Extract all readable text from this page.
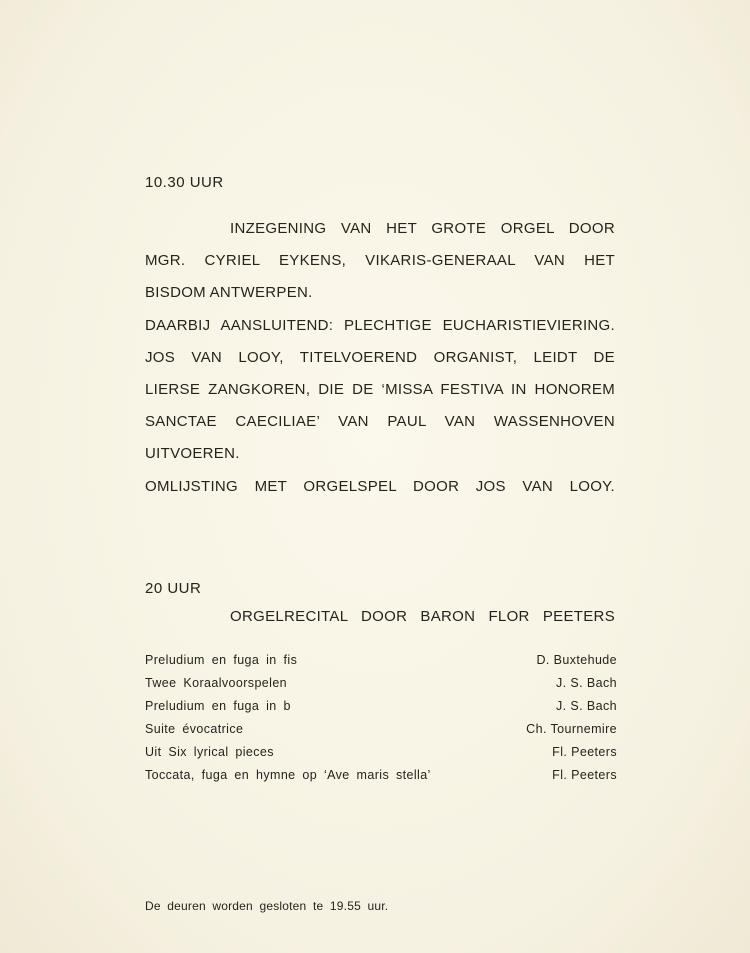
10.30 UUR
INZEGENING VAN HET GROTE ORGEL DOOR
MGR. CYRIEL EYKENS, VIKARIS-GENERAAL VAN HET
BISDOM ANTWERPEN.
DAARBIJ AANSLUITEND: PLECHTIGE EUCHARISTIEVIERING.
JOS VAN LOOY, TITELVOEREND ORGANIST, LEIDT DE
LIERSE ZANGKOREN, DIE DE ‘MISSA FESTIVA IN HONOREM
SANCTAE CAECILIAE’ VAN PAUL VAN WASSENHOVEN
UITVOEREN.
OMLIJSTING MET ORGELSPEL DOOR JOS VAN LOOY.
20 UUR
ORGELRECITAL DOOR BARON FLOR PEETERS
Preludium en fuga in fis	D. Buxtehude
Twee Koraalvoorspelen	J. S. Bach
Preludium en fuga in b	J. S. Bach
Suite évocatrice	Ch. Tournemire
Uit Six lyrical pieces	Fl. Peeters
Toccata, fuga en hymne op ‘Ave maris stella’	Fl. Peeters
De deuren worden gesloten te 19.55 uur.
